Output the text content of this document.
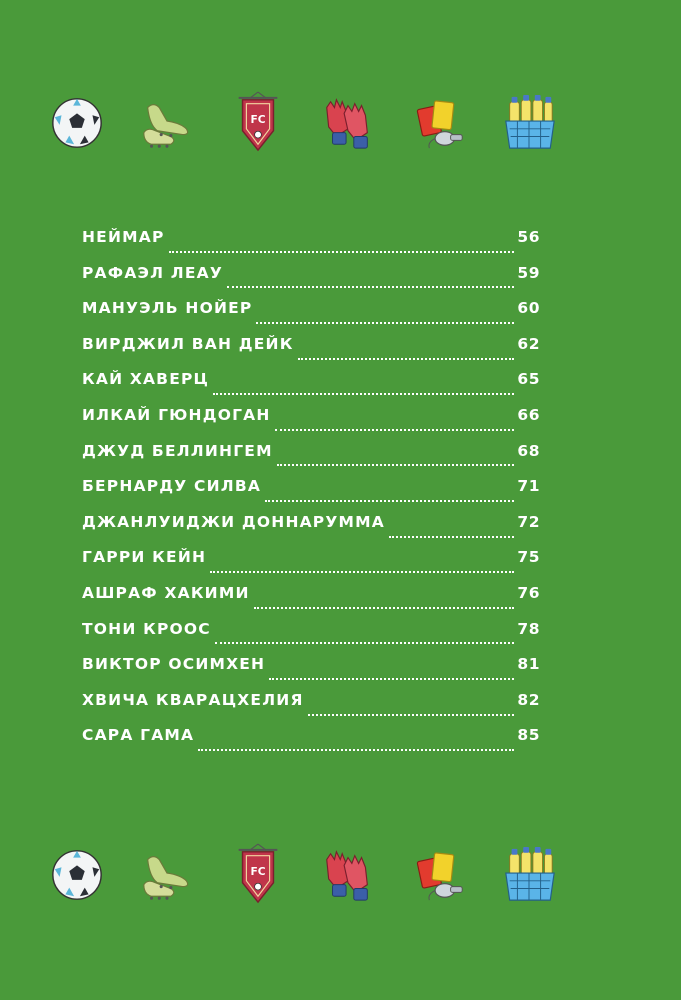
FC
FC
НЕЙМАР	56
РАФАЭЛ ЛЕАУ	59
МАНУЭЛЬ НОЙЕР	60
ВИРДЖИЛ ВАН ДЕЙК	62
КАЙ ХАВЕРЦ	65
ИЛКАЙ ГЮНДОГАН	66
ДЖУД БЕЛЛИНГЕМ	68
БЕРНАРДУ СИЛВА	71
ДЖАНЛУИДЖИ ДОННАРУММА	72
ГАРРИ КЕЙН	75
АШРАФ ХАКИМИ	76
ТОНИ КРООС	78
ВИКТОР ОСИМХЕН	81
ХВИЧА КВАРАЦХЕЛИЯ	82
САРА ГАМА	85
